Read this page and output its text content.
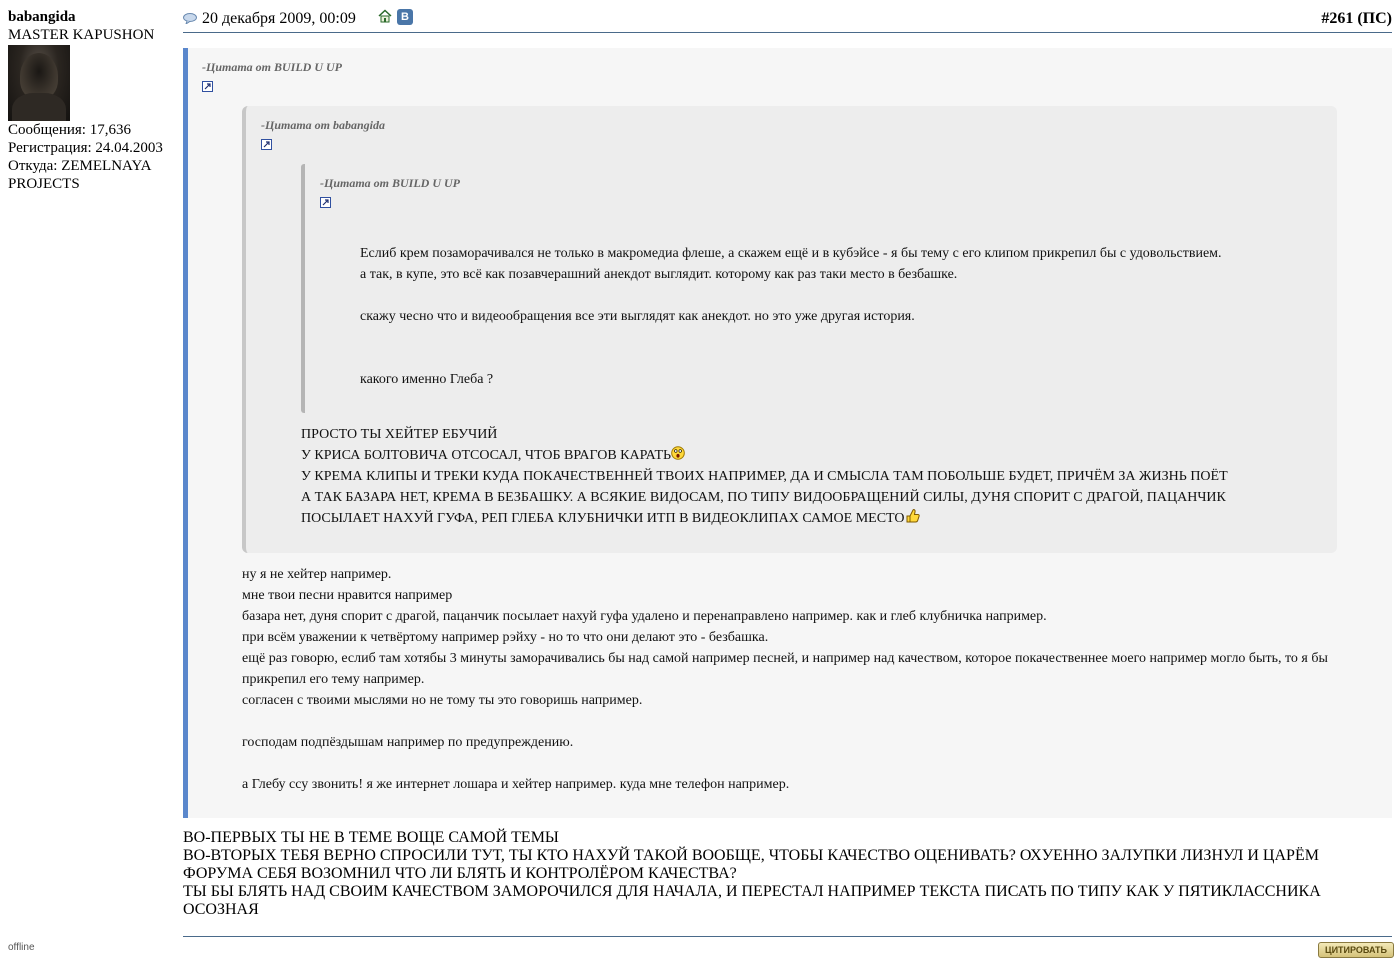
babangida
MASTER KAPUSHON
Сообщения: 17,636
Регистрация: 24.04.2003
Откуда: ZEMELNAYA PROJECTS
offline
20 декабря 2009, 00:09	B	#261 (ПС)
-Цитата от BUILD U UP
-Цитата от babangida
-Цитата от BUILD U UP
Еслиб крем позаморачивался не только в макромедиа флеше, а скажем ещё и в кубэйсе - я бы тему с его клипом прикрепил бы с удовольствием.
а так, в купе, это всё как позавчерашний анекдот выглядит. которому как раз таки место в безбашке.

скажу чесно что и видеообращения все эти выглядят как анекдот. но это уже другая история.

какого именно Глеба ?
ПРОСТО ТЫ ХЕЙТЕР ЕБУЧИЙ
У КРИСА БОЛТОВИЧА ОТСОСАЛ, ЧТОБ ВРАГОВ КАРАТЬ
У КРЕМА КЛИПЫ И ТРЕКИ КУДА ПОКАЧЕСТВЕННЕЙ ТВОИХ НАПРИМЕР, ДА И СМЫСЛА ТАМ ПОБОЛЬШЕ БУДЕТ, ПРИЧЁМ ЗА ЖИЗНЬ ПОЁТ
А ТАК БАЗАРА НЕТ, КРЕМА В БЕЗБАШКУ. А ВСЯКИЕ ВИДОСАМ, ПО ТИПУ ВИДООБРАЩЕНИЙ СИЛЫ, ДУНЯ СПОРИТ С ДРАГОЙ, ПАЦАНЧИК
ПОСЫЛАЕТ НАХУЙ ГУФА, РЕП ГЛЕБА КЛУБНИЧКИ ИТП В ВИДЕОКЛИПАХ САМОЕ МЕСТО
ну я не хейтер например.
мне твои песни нравится например
базара нет, дуня спорит с драгой, пацанчик посылает нахуй гуфа удалено и перенаправлено например. как и глеб клубничка например.
при всём уважении к четвёртому например рэйху - но то что они делают это - безбашка.
ещё раз говорю, еслиб там хотябы 3 минуты заморачивались бы над самой например песней, и например над качеством, которое покачественнее моего например могло быть, то я бы
прикрепил его тему например.
согласен с твоими мыслями но не тому ты это говоришь например.

господам подпёздышам например по предупреждению.

а Глебу ссу звонить! я же интернет лошара и хейтер например. куда мне телефон например.
ВО-ПЕРВЫХ ТЫ НЕ В ТЕМЕ ВОЩЕ САМОЙ ТЕМЫ
ВО-ВТОРЫХ ТЕБЯ ВЕРНО СПРОСИЛИ ТУТ, ТЫ КТО НАХУЙ ТАКОЙ ВООБЩЕ, ЧТОБЫ КАЧЕСТВО ОЦЕНИВАТЬ? ОХУЕННО ЗАЛУПКИ ЛИЗНУЛ И ЦАРЁМ
ФОРУМА СЕБЯ ВОЗОМНИЛ ЧТО ЛИ БЛЯТЬ И КОНТРОЛЁРОМ КАЧЕСТВА?
ТЫ БЫ БЛЯТЬ НАД СВОИМ КАЧЕСТВОМ ЗАМОРОЧИЛСЯ ДЛЯ НАЧАЛА, И ПЕРЕСТАЛ НАПРИМЕР ТЕКСТА ПИСАТЬ ПО ТИПУ КАК У ПЯТИКЛАССНИКА
ОСОЗНАЯ
ЦИТИРОВАТЬ
